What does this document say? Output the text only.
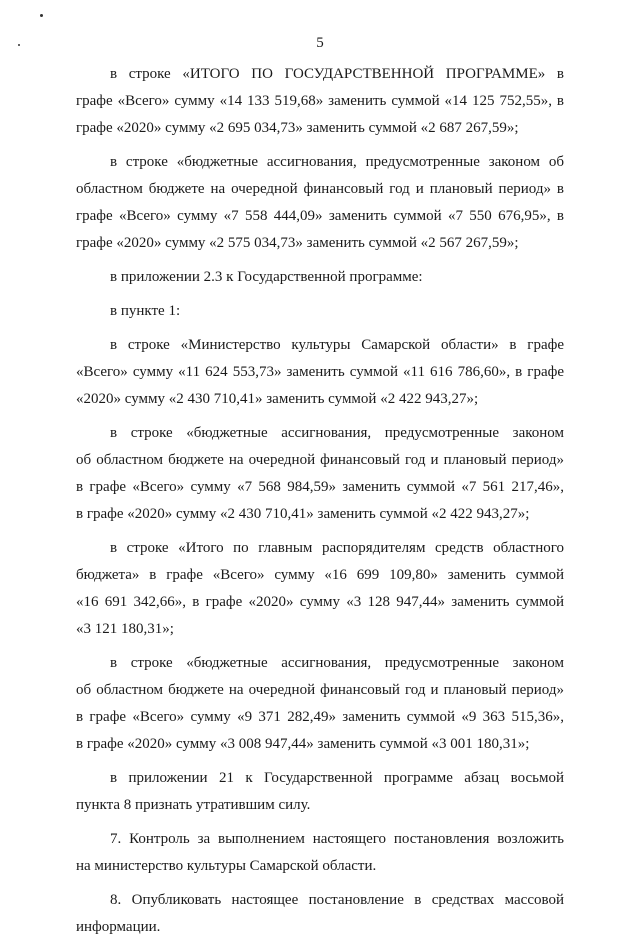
5

в строке «ИТОГО ПО ГОСУДАРСТВЕННОЙ ПРОГРАММЕ» в
графе «Всего» сумму «14 133 519,68» заменить суммой «14 125 752,55», в
графе «2020» сумму «2 695 034,73» заменить суммой «2 687 267,59»;

в строке «бюджетные ассигнования, предусмотренные законом об
областном бюджете на очередной финансовый год и плановый период» в
графе «Всего» сумму «7 558 444,09» заменить суммой «7 550 676,95», в
графе «2020» сумму «2 575 034,73» заменить суммой «2 567 267,59»;

в приложении 2.3 к Государственной программе:

в пункте 1:

в строке «Министерство культуры Самарской области» в графе
«Всего» сумму «11 624 553,73» заменить суммой «11 616 786,60», в графе
«2020» сумму «2 430 710,41» заменить суммой «2 422 943,27»;

в строке «бюджетные ассигнования, предусмотренные законом
об областном бюджете на очередной финансовый год и плановый период»
в графе «Всего» сумму «7 568 984,59» заменить суммой «7 561 217,46»,
в графе «2020» сумму «2 430 710,41» заменить суммой «2 422 943,27»;

в строке «Итого по главным распорядителям средств областного
бюджета» в графе «Всего» сумму «16 699 109,80» заменить суммой
«16 691 342,66», в графе «2020» сумму «3 128 947,44» заменить суммой
«3 121 180,31»;

в строке «бюджетные ассигнования, предусмотренные законом
об областном бюджете на очередной финансовый год и плановый период»
в графе «Всего» сумму «9 371 282,49» заменить суммой «9 363 515,36»,
в графе «2020» сумму «3 008 947,44» заменить суммой «3 001 180,31»;

в приложении 21 к Государственной программе абзац восьмой
пункта 8 признать утратившим силу.

7. Контроль за выполнением настоящего постановления возложить
на министерство культуры Самарской области.

8. Опубликовать настоящее постановление в средствах массовой
информации.
